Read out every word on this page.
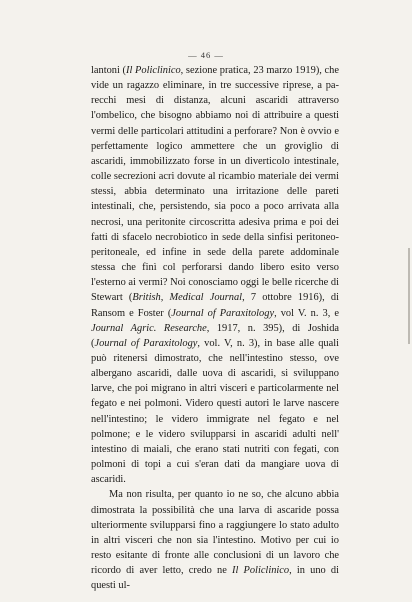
— 46 —

lantoni (Il Policlinico, sezione pratica, 23 marzo 1919), che vide un ragazzo eliminare, in tre successive riprese, a parecchi mesi di distanza, alcuni ascaridi attraverso l'ombelico, che bisogno abbiamo noi di attribuire a questi vermi delle particolari attitudini a perforare? Non è ovvio e perfettamente logico ammettere che un groviglio di ascaridi, immobilizzato forse in un diverticolo intestinale, colle secrezioni acri dovute al ricambio materiale dei vermi stessi, abbia determinato una irritazione delle pareti intestinali, che, persistendo, sia poco a poco arrivata alla necrosi, una peritonite circoscritta adesiva prima e poi dei fatti di sfacelo necrobiotico in sede della sinfisi peritoneo-peritoneale, ed infine in sede della parete addominale stessa che finì col perforarsi dando libero esito verso l'esterno ai vermi? Noi conosciamo oggi le belle ricerche di Stewart (British, Medical Journal, 7 ottobre 1916), di Ransom e Foster (Journal of Paraxitology, vol V. n. 3, e Journal Agric. Researche, 1917, n. 395), di Joshida (Journal of Paraxitology, vol. V, n. 3), in base alle quali può ritenersi dimostrato, che nell'intestino stesso, ove albergano ascaridi, dalle uova di ascaridi, si sviluppano larve, che poi migrano in altri visceri e particolarmente nel fegato e nei polmoni. Videro questi autori le larve nascere nell'intestino; le videro immigrate nel fegato e nel polmone; e le videro svilupparsi in ascaridi adulti nell' intestino di maiali, che erano stati nutriti con fegati, con polmoni di topi a cui s'eran dati da mangiare uova di ascaridi.

Ma non risulta, per quanto io ne so, che alcuno abbia dimostrata la possibilità che una larva di ascaride possa ulteriormente svilupparsi fino a raggiungere lo stato adulto in altri visceri che non sia l'intestino. Motivo per cui io resto esitante di fronte alle conclusioni di un lavoro che ricordo di aver letto, credo ne Il Policlinico, in uno di questi ul-
